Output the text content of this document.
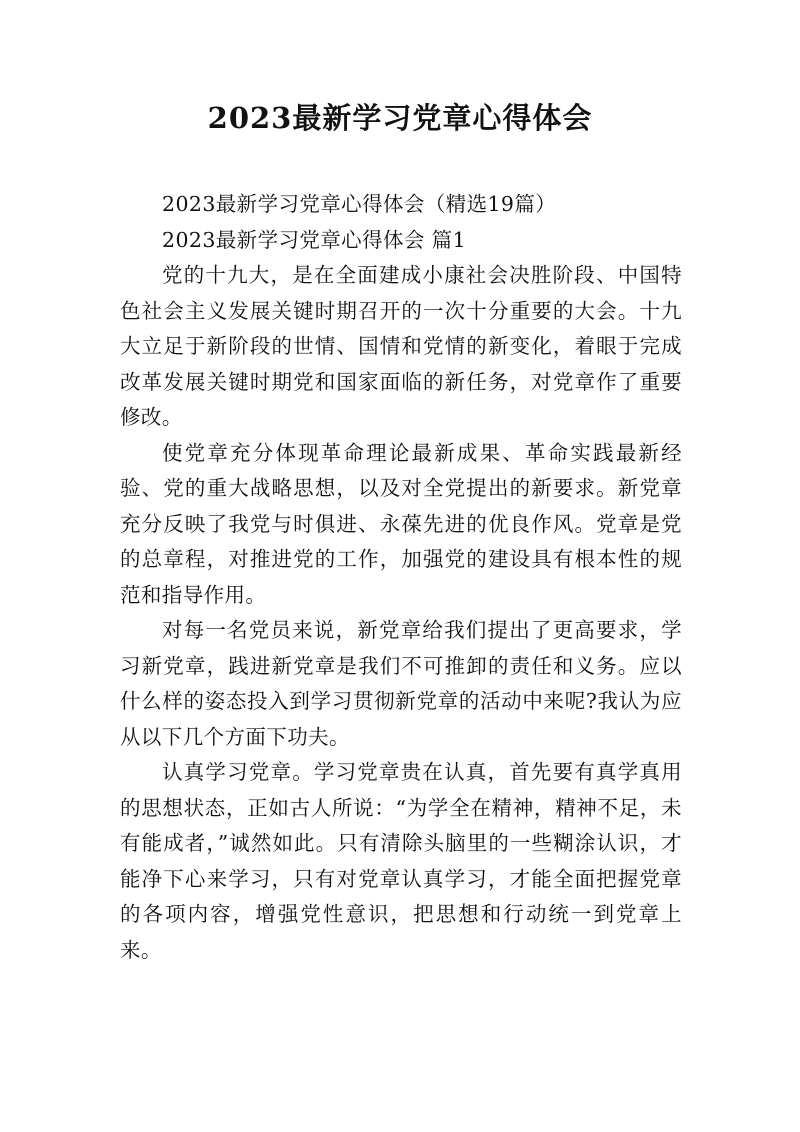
2023最新学习党章心得体会

2023最新学习党章心得体会（精选19篇）

2023最新学习党章心得体会 篇1

党的十九大，是在全面建成小康社会决胜阶段、中国特色社会主义发展关键时期召开的一次十分重要的大会。十九大立足于新阶段的世情、国情和党情的新变化，着眼于完成改革发展关键时期党和国家面临的新任务，对党章作了重要修改。

使党章充分体现革命理论最新成果、革命实践最新经验、党的重大战略思想，以及对全党提出的新要求。新党章充分反映了我党与时俱进、永葆先进的优良作风。党章是党的总章程，对推进党的工作，加强党的建设具有根本性的规范和指导作用。

对每一名党员来说，新党章给我们提出了更高要求，学习新党章，践进新党章是我们不可推卸的责任和义务。应以什么样的姿态投入到学习贯彻新党章的活动中来呢?我认为应从以下几个方面下功夫。

认真学习党章。学习党章贵在认真，首先要有真学真用的思想状态，正如古人所说：“为学全在精神，精神不足，未有能成者，”诚然如此。只有清除头脑里的一些糊涂认识，才能净下心来学习，只有对党章认真学习，才能全面把握党章的各项内容，增强党性意识，把思想和行动统一到党章上来。
